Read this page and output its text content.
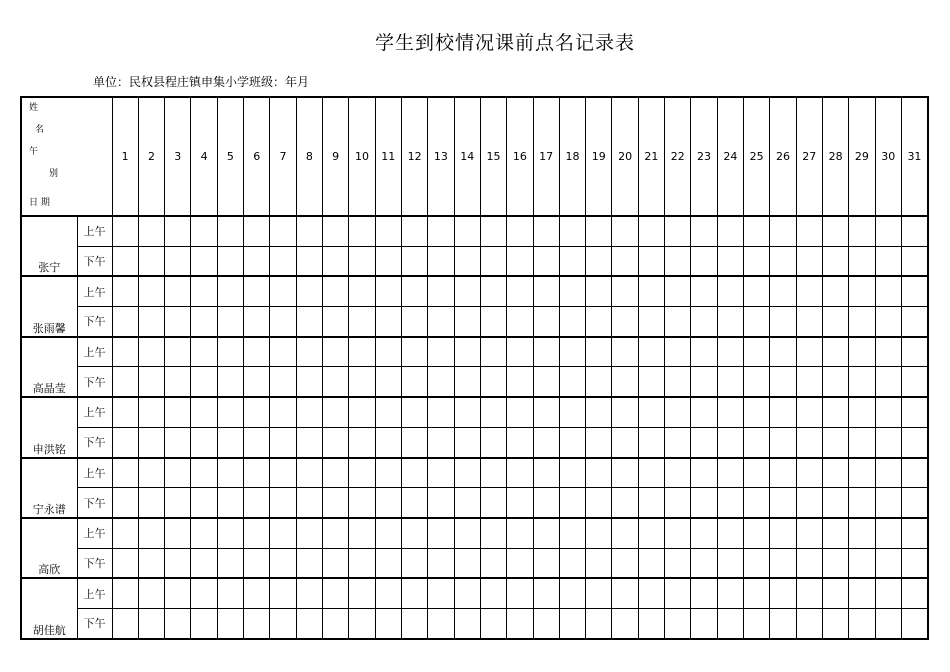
学生到校情况课前点名记录表
单位：民权县程庄镇申集小学班级：年月
姓
名
午
别
日 期		1	2	3	4	5	6	7	8	9	10	11	12	13	14	15	16	17	18	19	20	21	22	23	24	25	26	27	28	29	30	31
张宁	上午																															
	下午																															
张雨馨	上午																															
	下午																															
高晶莹	上午																															
	下午																															
申洪铭	上午																															
	下午																															
宁永谱	上午																															
	下午																															
高欣	上午																															
	下午																															
胡佳航	上午																															
	下午																															
